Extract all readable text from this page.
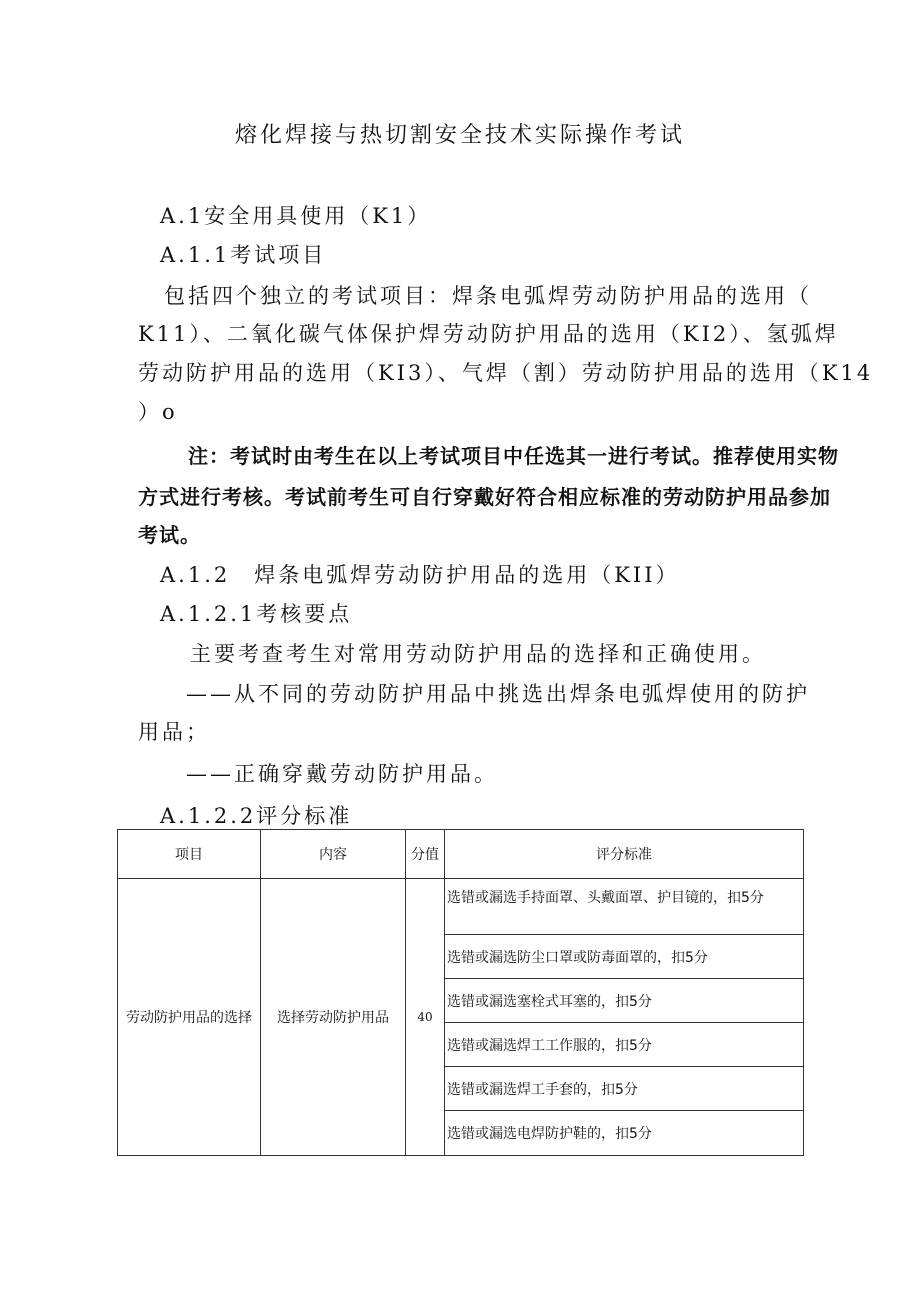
熔化焊接与热切割安全技术实际操作考试
A.1安全用具使用（K1）
A.1.1考试项目
包括四个独立的考试项目：焊条电弧焊劳动防护用品的选用（
K11）、二氧化碳气体保护焊劳动防护用品的选用（KI2）、氢弧焊
劳动防护用品的选用（KI3）、气焊（割）劳动防护用品的选用（K14
）o
注：考试时由考生在以上考试项目中任选其一进行考试。推荐使用实物
方式进行考核。考试前考生可自行穿戴好符合相应标准的劳动防护用品参加
考试。
A.1.2　焊条电弧焊劳动防护用品的选用（KII）
A.1.2.1考核要点
主要考查考生对常用劳动防护用品的选择和正确使用。
——从不同的劳动防护用品中挑选出焊条电弧焊使用的防护
用品；
——正确穿戴劳动防护用品。
A.1.2.2评分标准
项目	内容	分值	评分标准
劳动防护用品的选择	选择劳动防护用品	40	选错或漏选手持面罩、头戴面罩、护目镜的，扣5分
			选错或漏选防尘口罩或防毒面罩的，扣5分
			选错或漏选塞栓式耳塞的，扣5分
			选错或漏选焊工工作服的，扣5分
			选错或漏选焊工手套的，扣5分
			选错或漏选电焊防护鞋的，扣5分
